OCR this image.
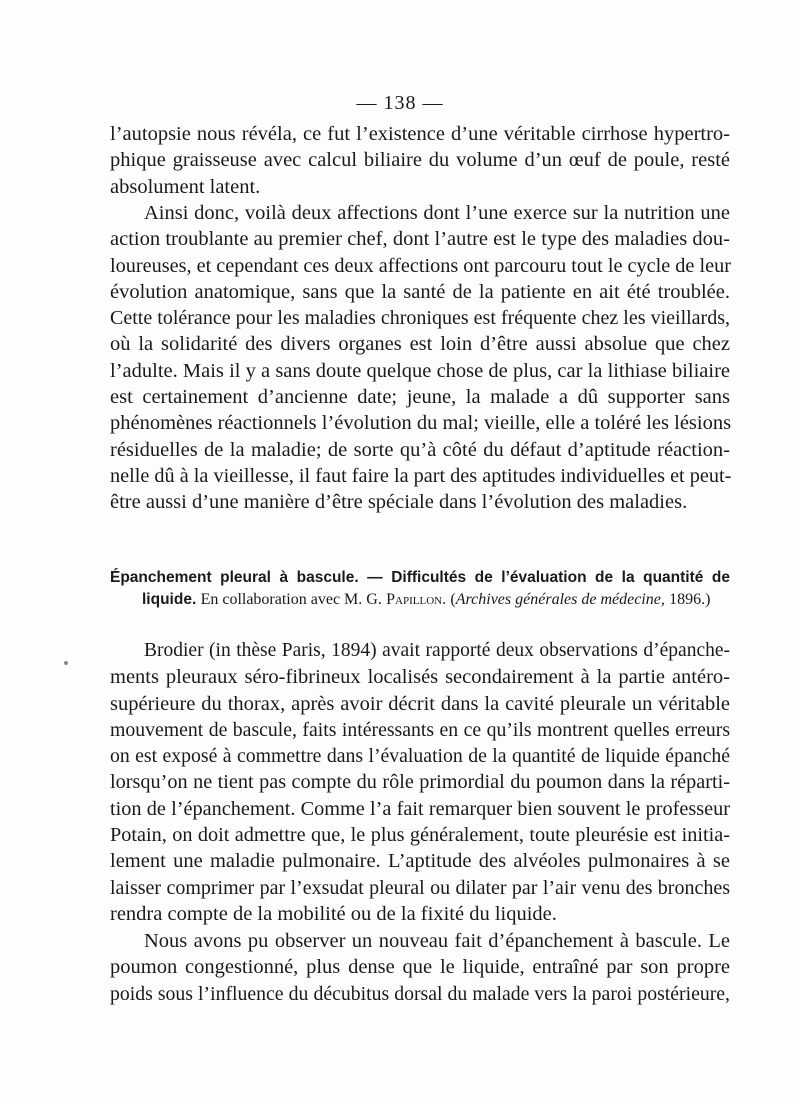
— 138 —
l’autopsie nous révéla, ce fut l’existence d’une véritable cirrhose hypertro-
phique graisseuse avec calcul biliaire du volume d’un œuf de poule, resté
absolument latent.
Ainsi donc, voilà deux affections dont l’une exerce sur la nutrition une
action troublante au premier chef, dont l’autre est le type des maladies dou-
loureuses, et cependant ces deux affections ont parcouru tout le cycle de leur
évolution anatomique, sans que la santé de la patiente en ait été troublée.
Cette tolérance pour les maladies chroniques est fréquente chez les vieillards,
où la solidarité des divers organes est loin d’être aussi absolue que chez
l’adulte. Mais il y a sans doute quelque chose de plus, car la lithiase biliaire
est certainement d’ancienne date; jeune, la malade a dû supporter sans
phénomènes réactionnels l’évolution du mal; vieille, elle a toléré les lésions
résiduelles de la maladie; de sorte qu’à côté du défaut d’aptitude réaction-
nelle dû à la vieillesse, il faut faire la part des aptitudes individuelles et peut-
être aussi d’une manière d’être spéciale dans l’évolution des maladies.
Épanchement pleural à bascule. — Difficultés de l’évaluation de la quantité de
liquide. En collaboration avec M. G. Papillon. (Archives générales de médecine, 1896.)
Brodier (in thèse Paris, 1894) avait rapporté deux observations d’épanche-
ments pleuraux séro-fibrineux localisés secondairement à la partie antéro-
supérieure du thorax, après avoir décrit dans la cavité pleurale un véritable
mouvement de bascule, faits intéressants en ce qu’ils montrent quelles erreurs
on est exposé à commettre dans l’évaluation de la quantité de liquide épanché
lorsqu’on ne tient pas compte du rôle primordial du poumon dans la réparti-
tion de l’épanchement. Comme l’a fait remarquer bien souvent le professeur
Potain, on doit admettre que, le plus généralement, toute pleurésie est initia-
lement une maladie pulmonaire. L’aptitude des alvéoles pulmonaires à se
laisser comprimer par l’exsudat pleural ou dilater par l’air venu des bronches
rendra compte de la mobilité ou de la fixité du liquide.
Nous avons pu observer un nouveau fait d’épanchement à bascule. Le
poumon congestionné, plus dense que le liquide, entraîné par son propre
poids sous l’influence du décubitus dorsal du malade vers la paroi postérieure,
